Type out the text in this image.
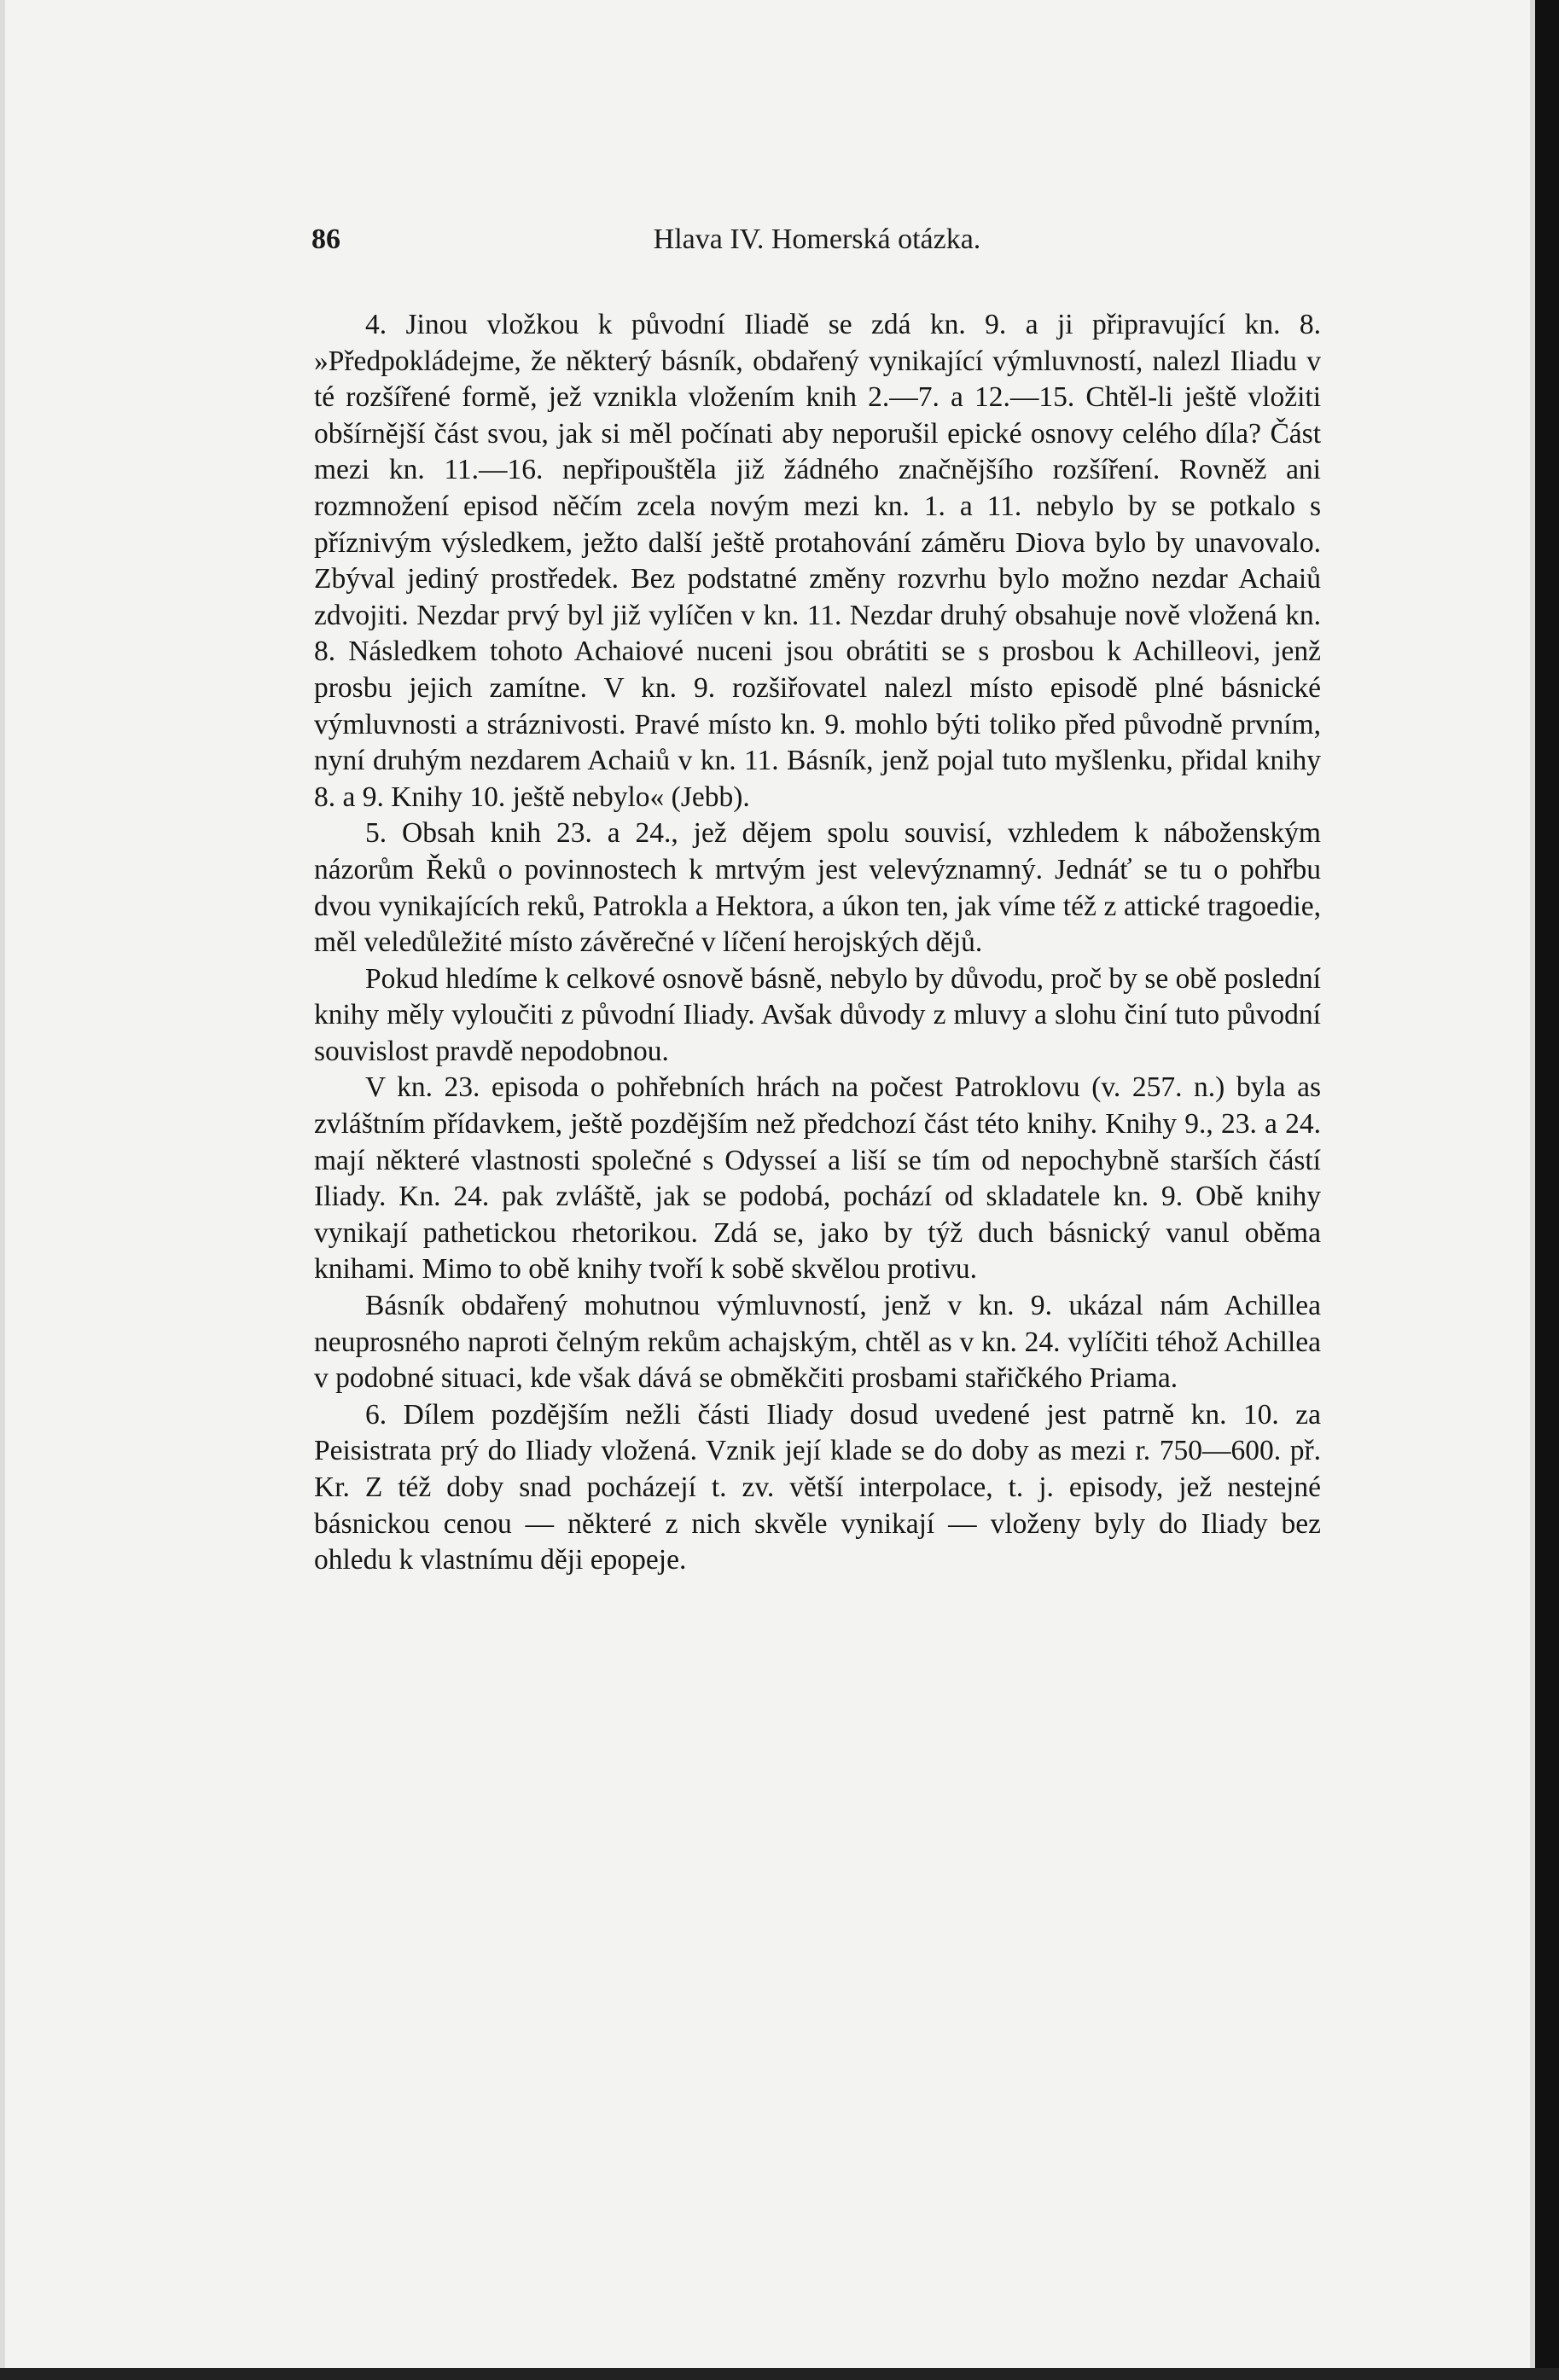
Hlava IV. Homerská otázka.
86

4. Jinou vložkou k původní Iliadě se zdá kn. 9. a ji připravující kn. 8. »Předpokládejme, že některý básník, obdařený vynikající výmluvností, nalezl Iliadu v té rozšířené formě, jež vznikla vložením knih 2.—7. a 12.—15. Chtěl-li ještě vložiti obšírnější část svou, jak si měl počínati aby neporušil epické osnovy celého díla? Část mezi kn. 11.—16. nepřipouštěla již žádného značnějšího rozšíření. Rovněž ani rozmnožení episod něčím zcela novým mezi kn. 1. a 11. nebylo by se potkalo s příznivým výsledkem, ježto další ještě protahování záměru Diova bylo by unavovalo. Zbýval jediný prostředek. Bez podstatné změny rozvrhu bylo možno nezdar Achaiů zdvojiti. Nezdar prvý byl již vylíčen v kn. 11. Nezdar druhý obsahuje nově vložená kn. 8. Následkem tohoto Achaiové nuceni jsou obrátiti se s prosbou k Achilleovi, jenž prosbu jejich zamítne. V kn. 9. rozšiřovatel nalezl místo episodě plné básnické výmluvnosti a stráznivosti. Pravé místo kn. 9. mohlo býti toliko před původně prvním, nyní druhým nezdarem Achaiů v kn. 11. Básník, jenž pojal tuto myšlenku, přidal knihy 8. a 9. Knihy 10. ještě nebylo« (Jebb).

5. Obsah knih 23. a 24., jež dějem spolu souvisí, vzhledem k náboženským názorům Řeků o povinnostech k mrtvým jest velevýznamný. Jednáť se tu o pohřbu dvou vynikajících reků, Patrokla a Hektora, a úkon ten, jak víme též z attické tragoedie, měl veledůležité místo závěrečné v líčení herojských dějů.

Pokud hledíme k celkové osnově básně, nebylo by důvodu, proč by se obě poslední knihy měly vyloučiti z původní Iliady. Avšak důvody z mluvy a slohu činí tuto původní souvislost pravdě nepodobnou.

V kn. 23. episoda o pohřebních hrách na počest Patroklovu (v. 257. n.) byla as zvláštním přídavkem, ještě pozdějším než předchozí část této knihy. Knihy 9., 23. a 24. mají některé vlastnosti společné s Odysseí a liší se tím od nepochybně starších částí Iliady. Kn. 24. pak zvláště, jak se podobá, pochází od skladatele kn. 9. Obě knihy vynikají pathetickou rhetorikou. Zdá se, jako by týž duch básnický vanul oběma knihami. Mimo to obě knihy tvoří k sobě skvělou protivu.

Básník obdařený mohutnou výmluvností, jenž v kn. 9. ukázal nám Achillea neuprosného naproti čelným rekům achajským, chtěl as v kn. 24. vylíčiti téhož Achillea v podobné situaci, kde však dává se obměkčiti prosbami stařičkého Priama.

6. Dílem pozdějším nežli části Iliady dosud uvedené jest patrně kn. 10. za Peisistrata prý do Iliady vložená. Vznik její klade se do doby as mezi r. 750—600. př. Kr. Z též doby snad pocházejí t. zv. větší interpolace, t. j. episody, jež nestejné básnickou cenou — některé z nich skvěle vynikají — vloženy byly do Iliady bez ohledu k vlastnímu ději epopeje.
